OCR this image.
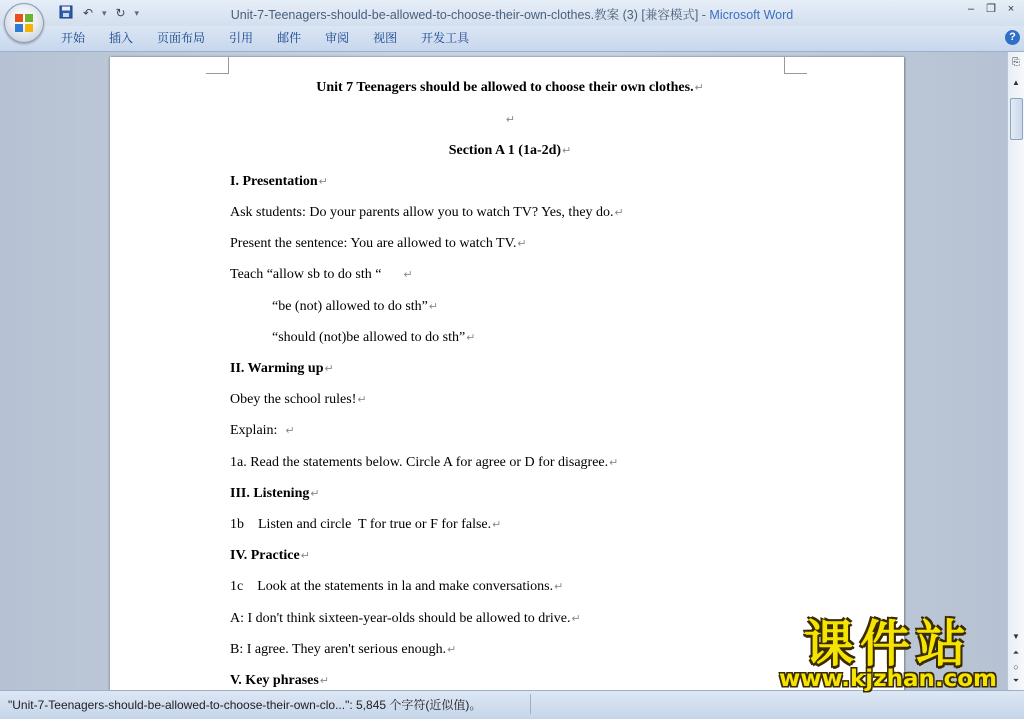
↶ ▾ ↻ ▾	Unit-7-Teenagers-should-be-allowed-to-choose-their-own-clothes.教案 (3) [兼容模式] - Microsoft Word	–	❐	×
开始	插入	页面布局	引用	邮件	审阅	视图	开发工具	?
Unit 7 Teenagers should be allowed to choose their own clothes.↵
↵
Section A 1 (1a-2d)↵
I. Presentation↵
Ask students: Do your parents allow you to watch TV? Yes, they do.↵
Present the sentence: You are allowed to watch TV.↵
Teach “allow sb to do sth “      ↵
“be (not) allowed to do sth”↵
“should (not)be allowed to do sth”↵
II. Warming up↵
Obey the school rules!↵
Explain:  ↵
1a. Read the statements below. Circle A for agree or D for disagree.↵
III. Listening↵
1b    Listen and circle  T for true or F for false.↵
IV. Practice↵
1c    Look at the statements in la and make conversations.↵
A: I don't think sixteen-year-olds should be allowed to drive.↵
B: I agree. They aren't serious enough.↵
V. Key phrases↵
⎘
▲
▼
⏶
○
⏷
"Unit-7-Teenagers-should-be-allowed-to-choose-their-own-clo...": 5,845 个字符(近似值)。
课件站
www.kjzhan.com
